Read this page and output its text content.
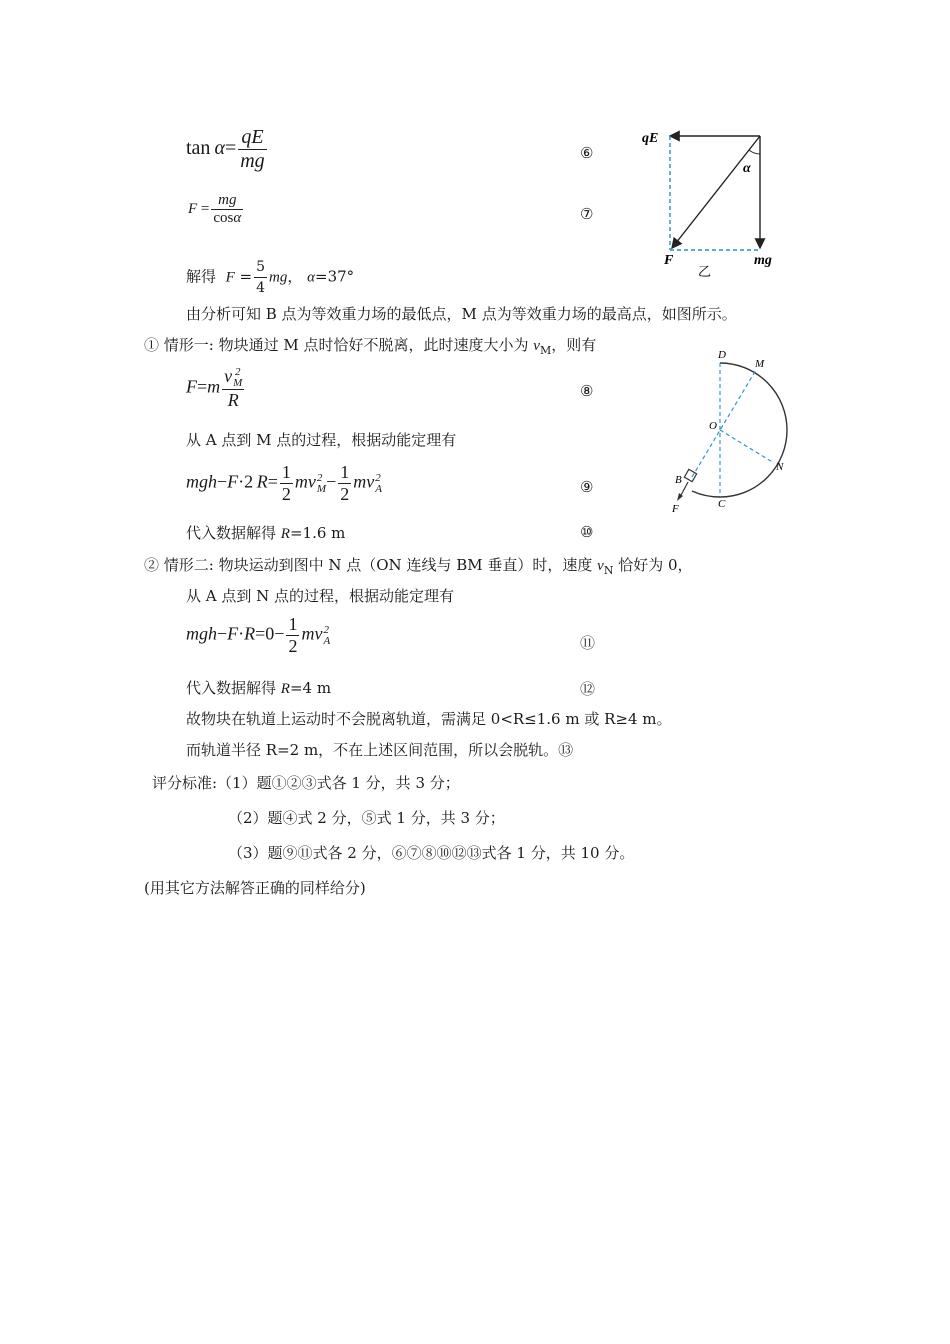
$\tan \alpha= \frac{qE}{mg}$	⑥
$F = \frac{mg}{\cos\alpha}$	⑦
解得 $F = \frac{5}{4}$ mg， α=37°
qE
α
F	mg
乙
由分析可知 B 点为等效重力场的最低点，M 点为等效重力场的最高点，如图所示。
① 情形一: 物块通过 M 点时恰好不脱离，此时速度大小为 $v_M$，则有
F=m v 2
M
R	⑧
从 A 点到 M 点的过程，根据动能定理有
mgh−F·2  $R= \frac{1}{2}$ mv 2
$M - \frac{1}{2}$ mv 2
A	⑨
代入数据解得 R=1.6 m	⑩
D
M
O
N
B
C
F
② 情形二: 物块运动到图中 N 点（ON 连线与 BM 垂直）时，速度 $v_N$ 恰好为 0，
从 A 点到 N 点的过程，根据动能定理有
$mgh-F\cdot R=0- \frac{1}{2}$ mv 2
A	⑪
代入数据解得 R=4 m	⑫
故物块在轨道上运动时不会脱离轨道，需满足 0<R≤1.6 m 或 R≥4 m。
而轨道半径 R=2 m，不在上述区间范围，所以会脱轨。⑬
评分标准:（1）题①②③式各 1 分，共 3 分；
（2）题④式 2 分，⑤式 1 分，共 3 分；
（3）题⑨⑪式各 2 分，⑥⑦⑧⑩⑫⑬式各 1 分，共 10 分。
(用其它方法解答正确的同样给分)
